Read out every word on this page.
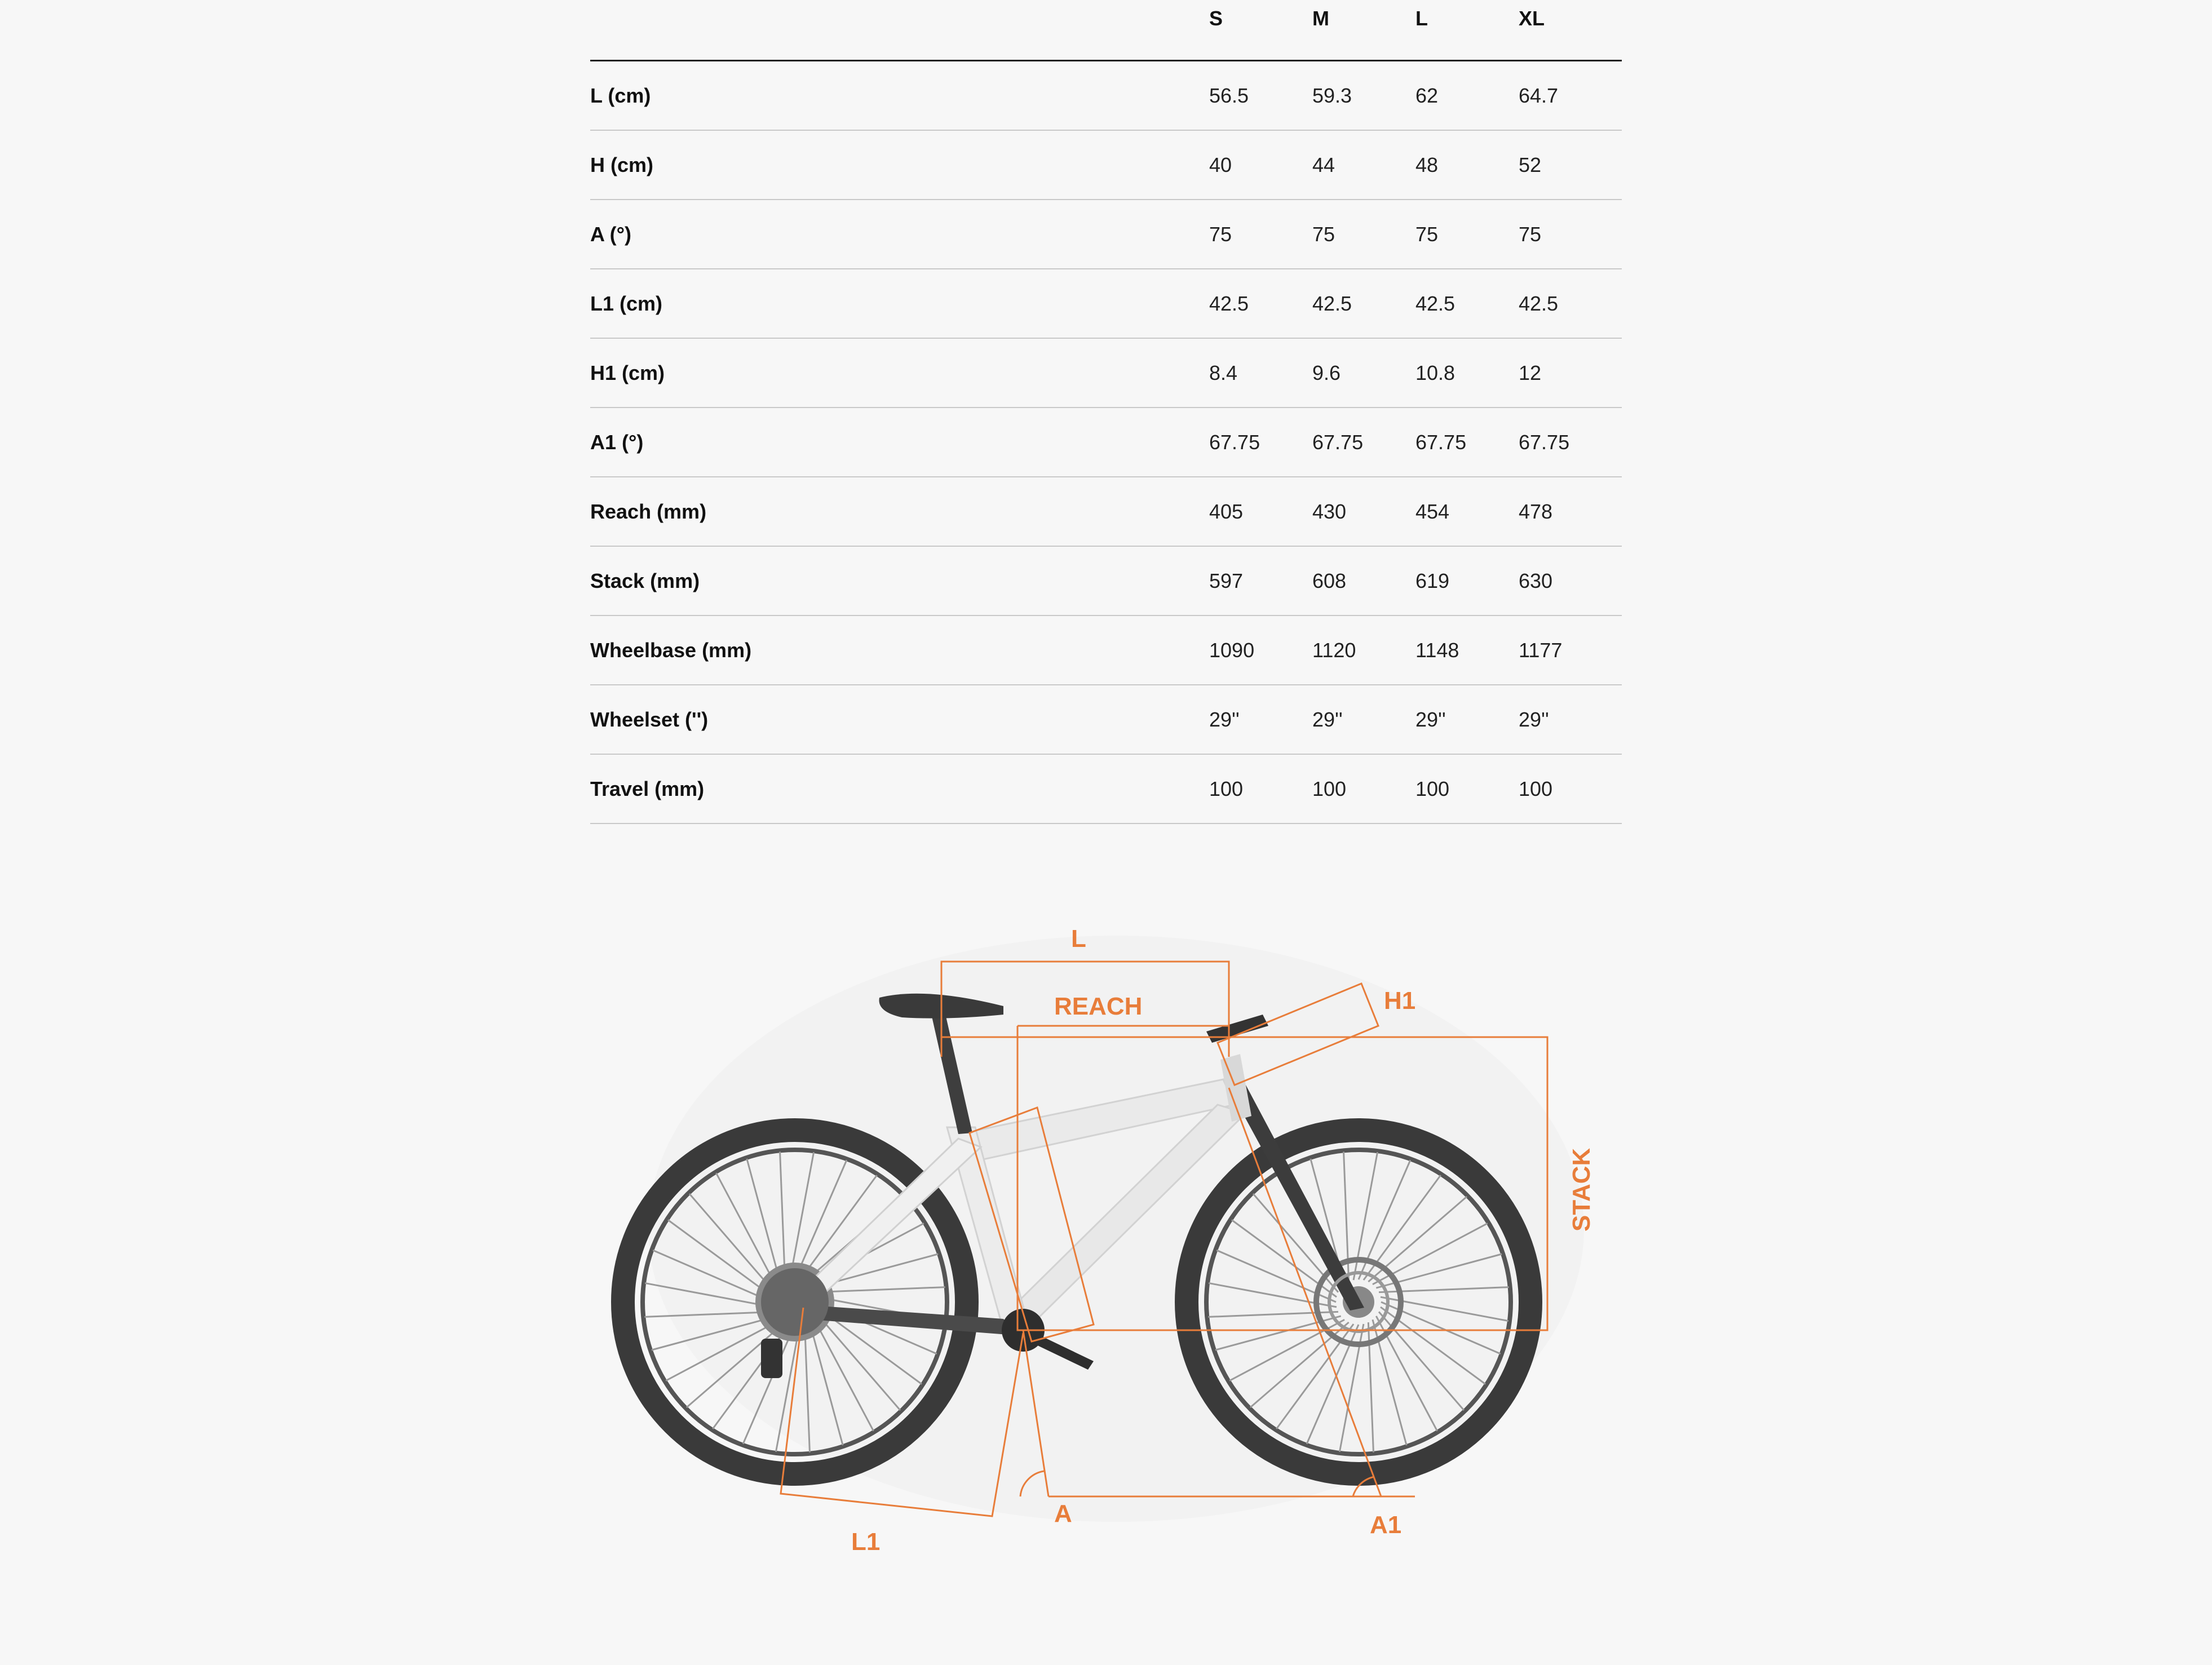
	S	M	L	XL
L (cm)	56.5	59.3	62	64.7
H (cm)	40	44	48	52
A (°)	75	75	75	75
L1 (cm)	42.5	42.5	42.5	42.5
H1 (cm)	8.4	9.6	10.8	12
A1 (°)	67.75	67.75	67.75	67.75
Reach (mm)	405	430	454	478
Stack (mm)	597	608	619	630
Wheelbase (mm)	1090	1120	1148	1177
Wheelset ('')	29''	29''	29''	29''
Travel (mm)	100	100	100	100
L
REACH	H1
STACK
A	A1
L1
